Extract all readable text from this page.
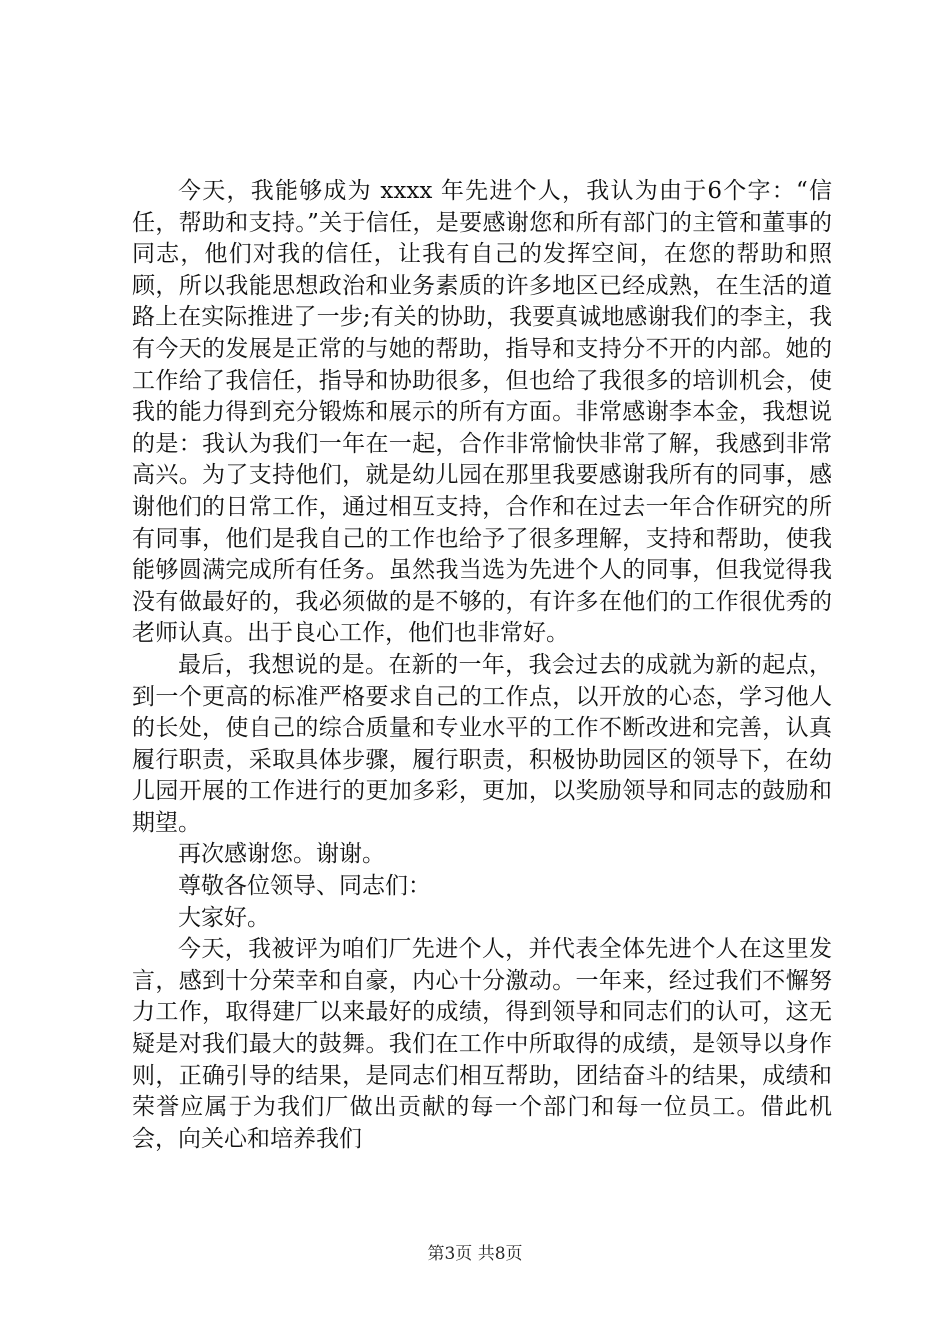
今天，我能够成为 xxxx 年先进个人，我认为由于6个字：“信任，帮助和支持。”关于信任，是要感谢您和所有部门的主管和董事的同志，他们对我的信任，让我有自己的发挥空间，在您的帮助和照顾，所以我能思想政治和业务素质的许多地区已经成熟，在生活的道路上在实际推进了一步;有关的协助，我要真诚地感谢我们的李主，我有今天的发展是正常的与她的帮助，指导和支持分不开的内部。她的工作给了我信任，指导和协助很多，但也给了我很多的培训机会，使我的能力得到充分锻炼和展示的所有方面。非常感谢李本金，我想说的是：我认为我们一年在一起，合作非常愉快非常了解，我感到非常高兴。为了支持他们，就是幼儿园在那里我要感谢我所有的同事，感谢他们的日常工作，通过相互支持，合作和在过去一年合作研究的所有同事，他们是我自己的工作也给予了很多理解，支持和帮助，使我能够圆满完成所有任务。虽然我当选为先进个人的同事，但我觉得我没有做最好的，我必须做的是不够的，有许多在他们的工作很优秀的老师认真。出于良心工作，他们也非常好。

最后，我想说的是。在新的一年，我会过去的成就为新的起点，到一个更高的标准严格要求自己的工作点，以开放的心态，学习他人的长处，使自己的综合质量和专业水平的工作不断改进和完善，认真履行职责，采取具体步骤，履行职责，积极协助园区的领导下，在幼儿园开展的工作进行的更加多彩，更加，以奖励领导和同志的鼓励和期望。

再次感谢您。谢谢。

尊敬各位领导、同志们：

大家好。

今天，我被评为咱们厂先进个人，并代表全体先进个人在这里发言，感到十分荣幸和自豪，内心十分激动。一年来，经过我们不懈努力工作，取得建厂以来最好的成绩，得到领导和同志们的认可，这无疑是对我们最大的鼓舞。我们在工作中所取得的成绩，是领导以身作则，正确引导的结果，是同志们相互帮助，团结奋斗的结果，成绩和荣誉应属于为我们厂做出贡献的每一个部门和每一位员工。借此机会，向关心和培养我们

第3页 共8页
